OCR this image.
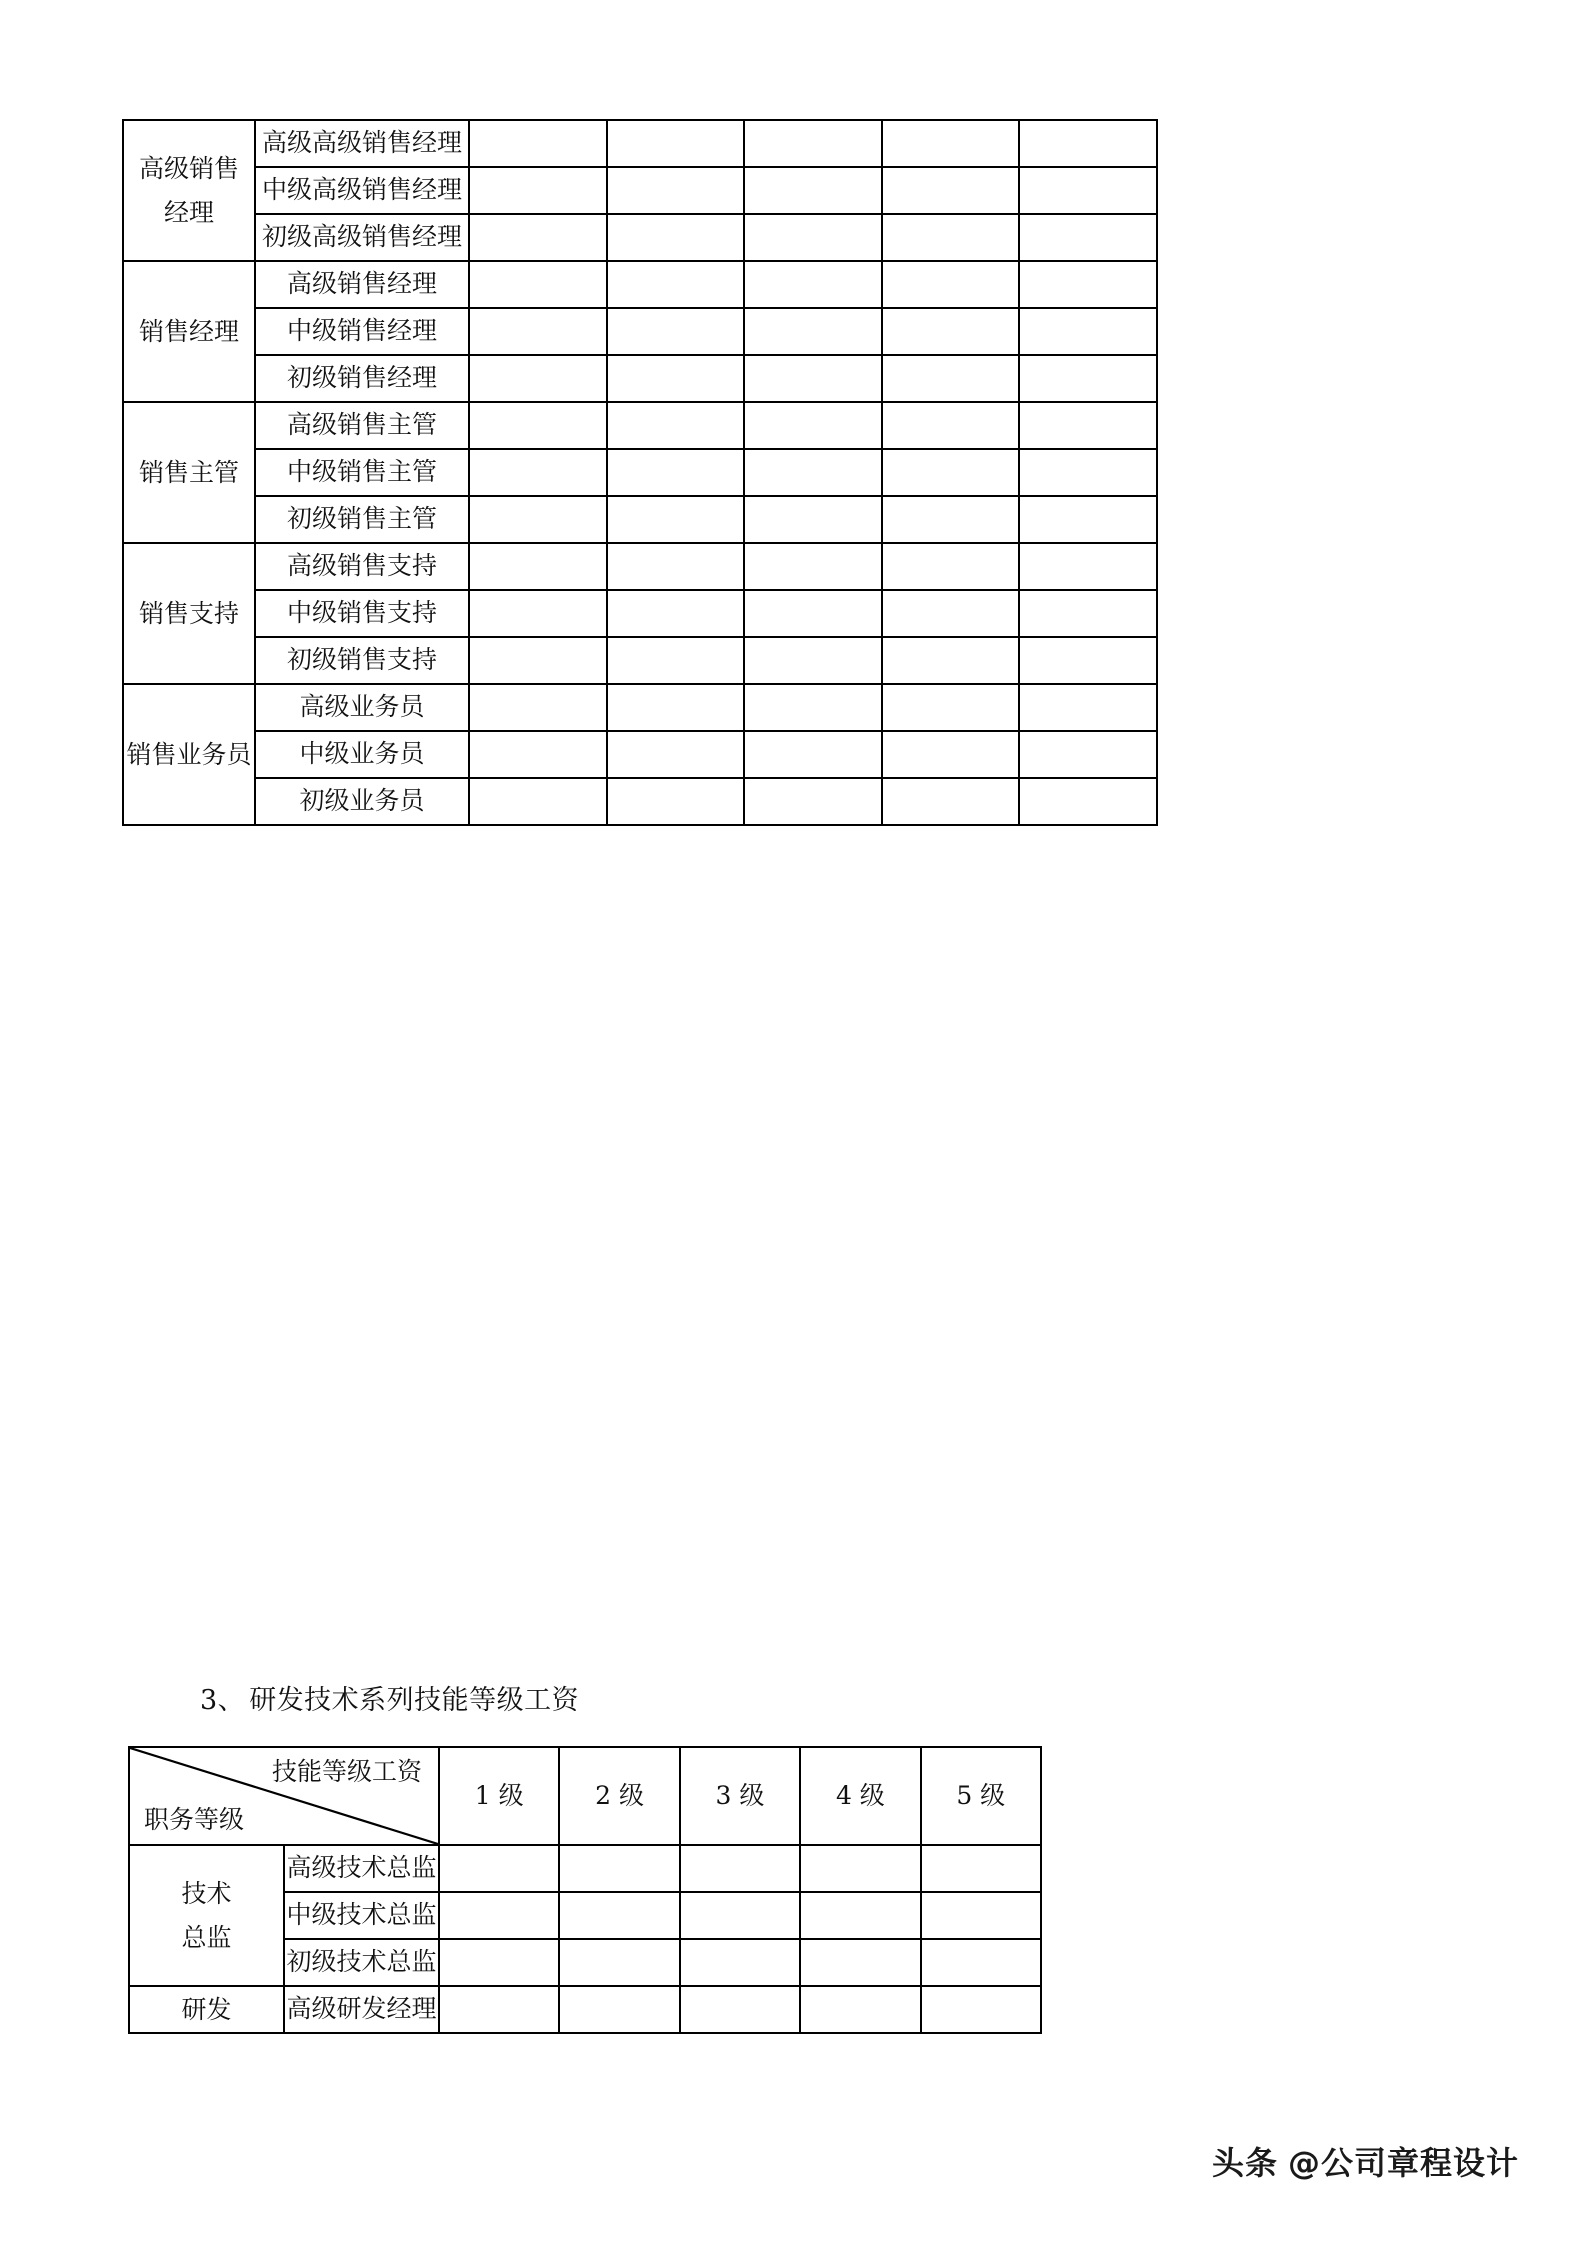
高级销售
经理	高级高级销售经理					
	中级高级销售经理					
	初级高级销售经理					

销售经理	高级销售经理					
	中级销售经理					
	初级销售经理					

销售主管	高级销售主管					
	中级销售主管					
	初级销售主管					

销售支持	高级销售支持					
	中级销售支持					
	初级销售支持					

销售业务员	高级业务员					
	中级业务员					
	初级业务员					
3、 研发技术系列技能等级工资
技能等级工资
职务等级		1 级	2 级	3 级	4 级	5 级

技术
总监	高级技术总监					
	中级技术总监					
	初级技术总监					

研发	高级研发经理					
头条 @公司章程设计
